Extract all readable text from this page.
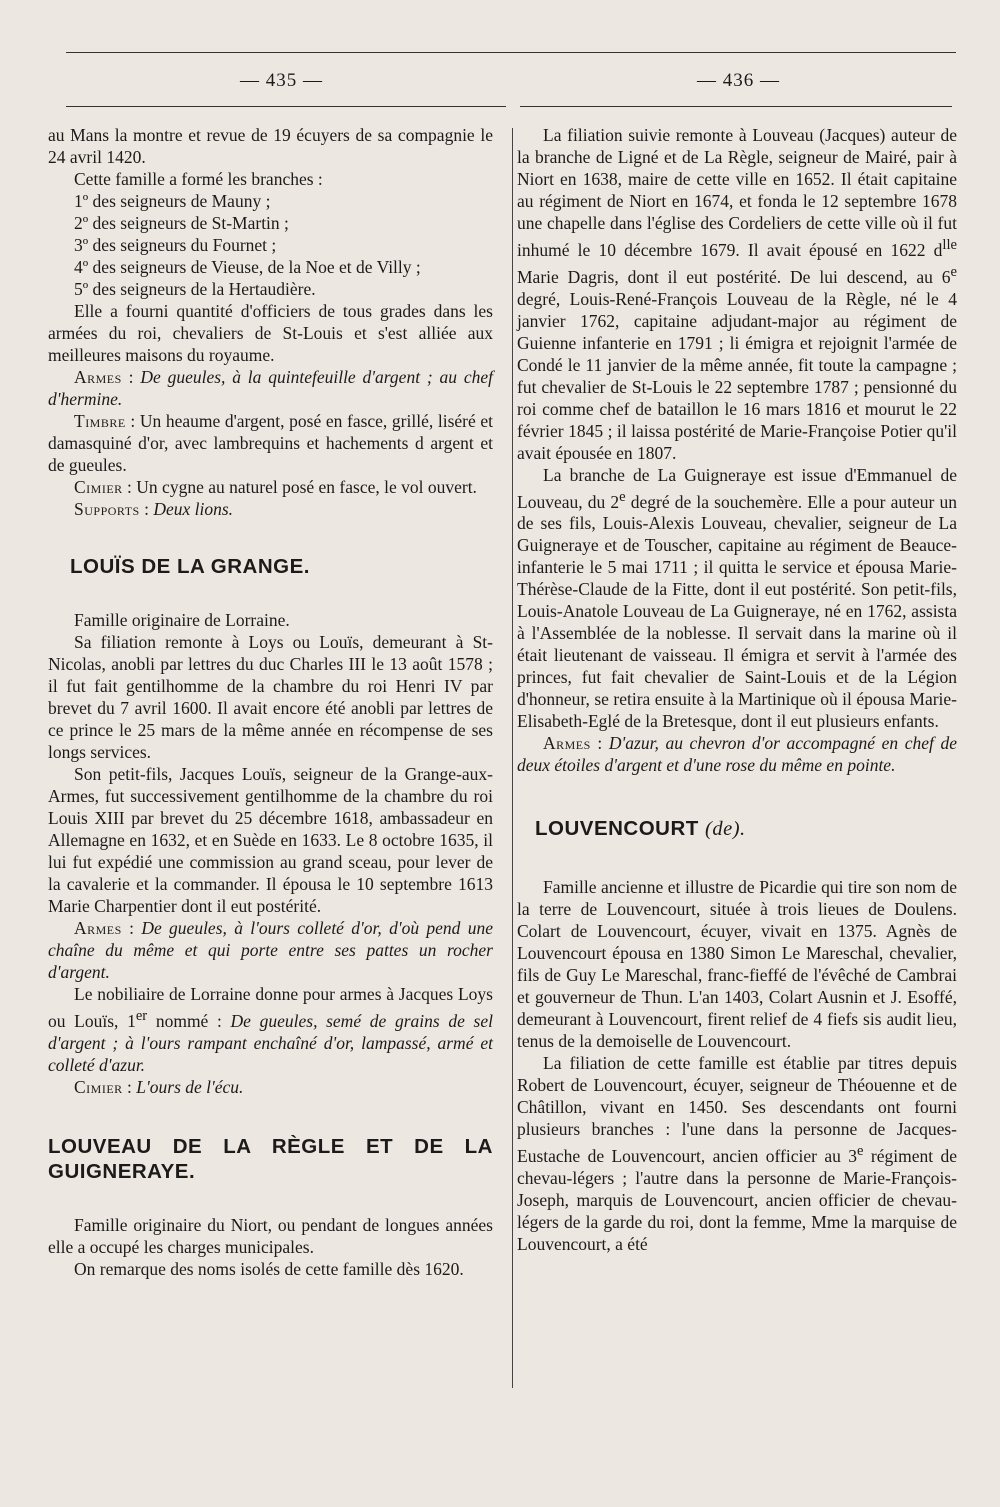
— 435 —	— 436 —

au Mans la montre et revue de 19 écuyers de sa compagnie le 24 avril 1420.

Cette famille a formé les branches :

1º des seigneurs de Mauny ;

2º des seigneurs de St-Martin ;

3º des seigneurs du Fournet ;

4º des seigneurs de Vieuse, de la Noe et de Villy ;

5º des seigneurs de la Hertaudière.

Elle a fourni quantité d'officiers de tous grades dans les armées du roi, chevaliers de St-Louis et s'est alliée aux meilleures maisons du royaume.

Armes : De gueules, à la quintefeuille d'argent ; au chef d'hermine.

Timbre : Un heaume d'argent, posé en fasce, grillé, liséré et damasquiné d'or, avec lambrequins et hachements d argent et de gueules.

Cimier : Un cygne au naturel posé en fasce, le vol ouvert.

Supports : Deux lions.

LOUÏS DE LA GRANGE.

Famille originaire de Lorraine.

Sa filiation remonte à Loys ou Louïs, demeurant à St-Nicolas, anobli par lettres du duc Charles III le 13 août 1578 ; il fut fait gentilhomme de la chambre du roi Henri IV par brevet du 7 avril 1600. Il avait encore été anobli par lettres de ce prince le 25 mars de la même année en récompense de ses longs services.

Son petit-fils, Jacques Louïs, seigneur de la Grange-aux-Armes, fut successivement gentilhomme de la chambre du roi Louis XIII par brevet du 25 décembre 1618, ambassadeur en Allemagne en 1632, et en Suède en 1633. Le 8 octobre 1635, il lui fut expédié une commission au grand sceau, pour lever de la cavalerie et la commander. Il épousa le 10 septembre 1613 Marie Charpentier dont il eut postérité.

Armes : De gueules, à l'ours colleté d'or, d'où pend une chaîne du même et qui porte entre ses pattes un rocher d'argent.

Le nobiliaire de Lorraine donne pour armes à Jacques Loys ou Louïs, 1er nommé : De gueules, semé de grains de sel d'argent ; à l'ours rampant enchaîné d'or, lampassé, armé et colleté d'azur.

Cimier : L'ours de l'écu.

LOUVEAU DE LA RÈGLE ET DE LA GUIGNERAYE.

Famille originaire du Niort, ou pendant de longues années elle a occupé les charges municipales.

On remarque des noms isolés de cette famille dès 1620.

La filiation suivie remonte à Louveau (Jacques) auteur de la branche de Ligné et de La Règle, seigneur de Mairé, pair à Niort en 1638, maire de cette ville en 1652. Il était capitaine au régiment de Niort en 1674, et fonda le 12 septembre 1678 une chapelle dans l'église des Cordeliers de cette ville où il fut inhumé le 10 décembre 1679. Il avait épousé en 1622 $d^{lle}$ Marie Dagris, dont il eut postérité. De lui descend, au 6e degré, Louis-René-François Louveau de la Règle, né le 4 janvier 1762, capitaine adjudant-major au régiment de Guienne infanterie en 1791 ; li émigra et rejoignit l'armée de Condé le 11 janvier de la même année, fit toute la campagne ; fut chevalier de St-Louis le 22 septembre 1787 ; pensionné du roi comme chef de bataillon le 16 mars 1816 et mourut le 22 février 1845 ; il laissa postérité de Marie-Françoise Potier qu'il avait épousée en 1807.

La branche de La Guigneraye est issue d'Emmanuel de Louveau, du 2e degré de la souchemère. Elle a pour auteur un de ses fils, Louis-Alexis Louveau, chevalier, seigneur de La Guigneraye et de Touscher, capitaine au régiment de Beauce-infanterie le 5 mai 1711 ; il quitta le service et épousa Marie-Thérèse-Claude de la Fitte, dont il eut postérité. Son petit-fils, Louis-Anatole Louveau de La Guigneraye, né en 1762, assista à l'Assemblée de la noblesse. Il servait dans la marine où il était lieutenant de vaisseau. Il émigra et servit à l'armée des princes, fut fait chevalier de Saint-Louis et de la Légion d'honneur, se retira ensuite à la Martinique où il épousa Marie-Elisabeth-Eglé de la Bretesque, dont il eut plusieurs enfants.

Armes : D'azur, au chevron d'or accompagné en chef de deux étoiles d'argent et d'une rose du même en pointe.

LOUVENCOURT (de).

Famille ancienne et illustre de Picardie qui tire son nom de la terre de Louvencourt, située à trois lieues de Doulens. Colart de Louvencourt, écuyer, vivait en 1375. Agnès de Louvencourt épousa en 1380 Simon Le Mareschal, chevalier, fils de Guy Le Mareschal, franc-fieffé de l'évêché de Cambrai et gouverneur de Thun. L'an 1403, Colart Ausnin et J. Esoffé, demeurant à Louvencourt, firent relief de 4 fiefs sis audit lieu, tenus de la demoiselle de Louvencourt.

La filiation de cette famille est établie par titres depuis Robert de Louvencourt, écuyer, seigneur de Théouenne et de Châtillon, vivant en 1450. Ses descendants ont fourni plusieurs branches : l'une dans la personne de Jacques-Eustache de Louvencourt, ancien officier au 3e régiment de chevau-légers ; l'autre dans la personne de Marie-François-Joseph, marquis de Louvencourt, ancien officier de chevau-légers de la garde du roi, dont la femme, Mme la marquise de Louvencourt, a été
